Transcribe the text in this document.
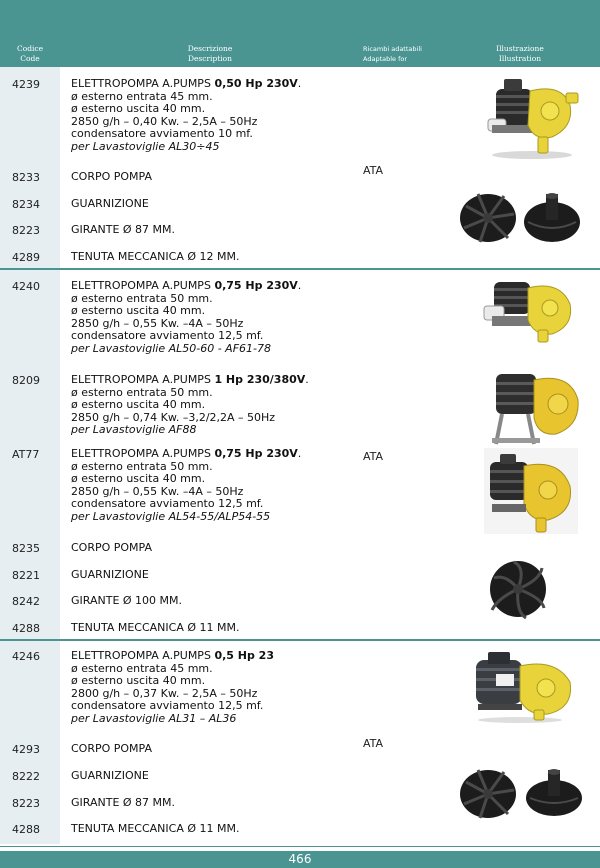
Codice
Code
Descrizione
Description
Ricambi adattabili
Adaptable for
Illustrazione
Illustration
4239	ELETTROPOMPA A.PUMPS 0,50 Hp 230V.
ø esterno entrata 45 mm.
ø esterno uscita 40 mm.
2850 g/h – 0,40 Kw. – 2,5A – 50Hz
condensatore avviamento 10 mf.
per Lavastoviglie AL30÷45
8233	CORPO POMPA
8234	GUARNIZIONE
8223	GIRANTE Ø 87 MM.
4289	TENUTA MECCANICA Ø 12 MM.
ATA
4240	ELETTROPOMPA A.PUMPS 0,75 Hp 230V.
ø esterno entrata 50 mm.
ø esterno uscita 40 mm.
2850 g/h – 0,55 Kw. –4A – 50Hz
condensatore avviamento 12,5 mf.
per Lavastoviglie AL50-60 - AF61-78
8209	ELETTROPOMPA A.PUMPS 1 Hp 230/380V.
ø esterno entrata 50 mm.
ø esterno uscita 40 mm.
2850 g/h – 0,74 Kw. –3,2/2,2A – 50Hz
per Lavastoviglie AF88
AT77	ELETTROPOMPA A.PUMPS 0,75 Hp 230V.
ø esterno entrata 50 mm.
ø esterno uscita 40 mm.
2850 g/h – 0,55 Kw. –4A – 50Hz
condensatore avviamento 12,5 mf.
per Lavastoviglie AL54-55/ALP54-55
ATA
8235	CORPO POMPA
8221	GUARNIZIONE
8242	GIRANTE Ø 100 MM.
4288	TENUTA MECCANICA Ø 11 MM.
4246	ELETTROPOMPA A.PUMPS 0,5 Hp 23
ø esterno entrata 45 mm.
ø esterno uscita 40 mm.
2800 g/h – 0,37 Kw. – 2,5A – 50Hz
condensatore avviamento 12,5 mf.
per Lavastoviglie AL31 – AL36
ATA
4293	CORPO POMPA
8222	GUARNIZIONE
8223	GIRANTE Ø 87 MM.
4288	TENUTA MECCANICA Ø 11 MM.
466
